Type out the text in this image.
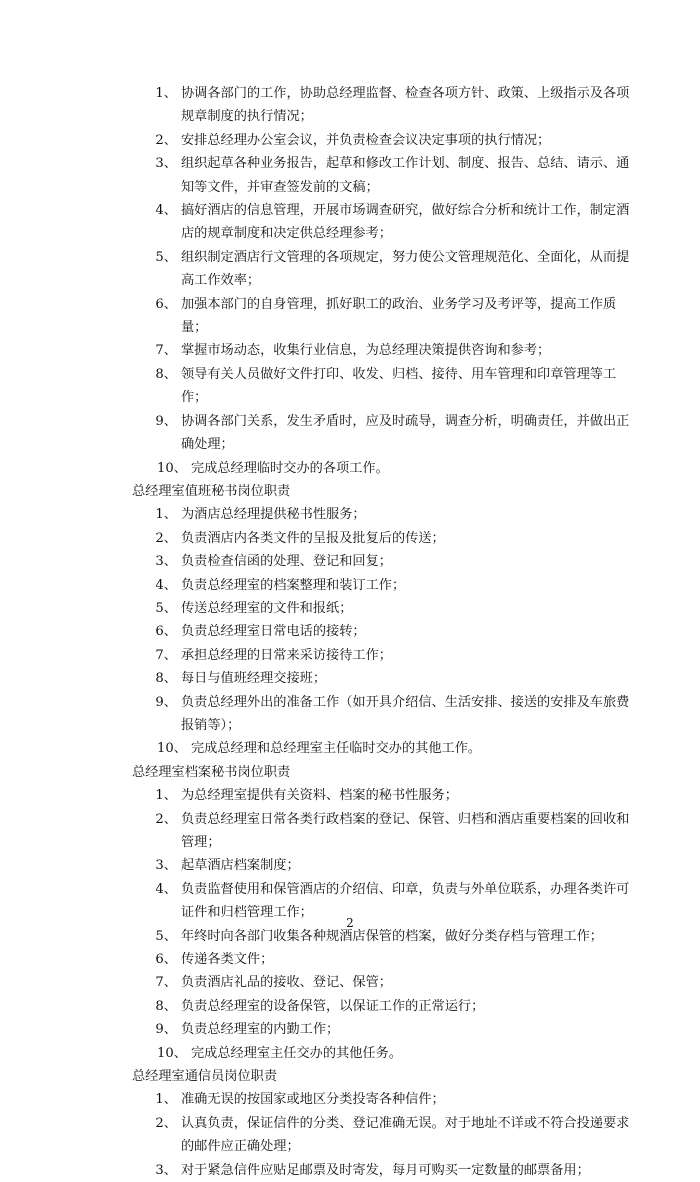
1、 协调各部门的工作，协助总经理监督、检查各项方针、政策、上级指示及各项规章制度的执行情况；
2、 安排总经理办公室会议，并负责检查会议决定事项的执行情况；
3、 组织起草各种业务报告，起草和修改工作计划、制度、报告、总结、请示、通知等文件，并审查签发前的文稿；
4、 搞好酒店的信息管理，开展市场调查研究，做好综合分析和统计工作，制定酒店的规章制度和决定供总经理参考；
5、 组织制定酒店行文管理的各项规定，努力使公文管理规范化、全面化，从而提高工作效率；
6、 加强本部门的自身管理，抓好职工的政治、业务学习及考评等，提高工作质量；
7、 掌握市场动态，收集行业信息，为总经理决策提供咨询和参考；
8、 领导有关人员做好文件打印、收发、归档、接待、用车管理和印章管理等工作；
9、 协调各部门关系，发生矛盾时，应及时疏导，调查分析，明确责任，并做出正确处理；
10、 完成总经理临时交办的各项工作。
总经理室值班秘书岗位职责
1、 为酒店总经理提供秘书性服务；
2、 负责酒店内各类文件的呈报及批复后的传送；
3、 负责检查信函的处理、登记和回复；
4、 负责总经理室的档案整理和装订工作；
5、 传送总经理室的文件和报纸；
6、 负责总经理室日常电话的接转；
7、 承担总经理的日常来采访接待工作；
8、 每日与值班经理交接班；
9、 负责总经理外出的准备工作（如开具介绍信、生活安排、接送的安排及车旅费报销等）；
10、 完成总经理和总经理室主任临时交办的其他工作。
总经理室档案秘书岗位职责
1、 为总经理室提供有关资料、档案的秘书性服务；
2、 负责总经理室日常各类行政档案的登记、保管、归档和酒店重要档案的回收和管理；
3、 起草酒店档案制度；
4、 负责监督使用和保管酒店的介绍信、印章，负责与外单位联系，办理各类许可证件和归档管理工作；
5、 年终时向各部门收集各种规酒店保管的档案，做好分类存档与管理工作；
6、 传递各类文件；
7、 负责酒店礼品的接收、登记、保管；
8、 负责总经理室的设备保管，以保证工作的正常运行；
9、 负责总经理室的内勤工作；
10、 完成总经理室主任交办的其他任务。
总经理室通信员岗位职责
1、 准确无误的按国家或地区分类投寄各种信件；
2、 认真负责，保证信件的分类、登记准确无误。对于地址不详或不符合投递要求的邮件应正确处理；
3、 对于紧急信件应贴足邮票及时寄发，每月可购买一定数量的邮票备用；
2
